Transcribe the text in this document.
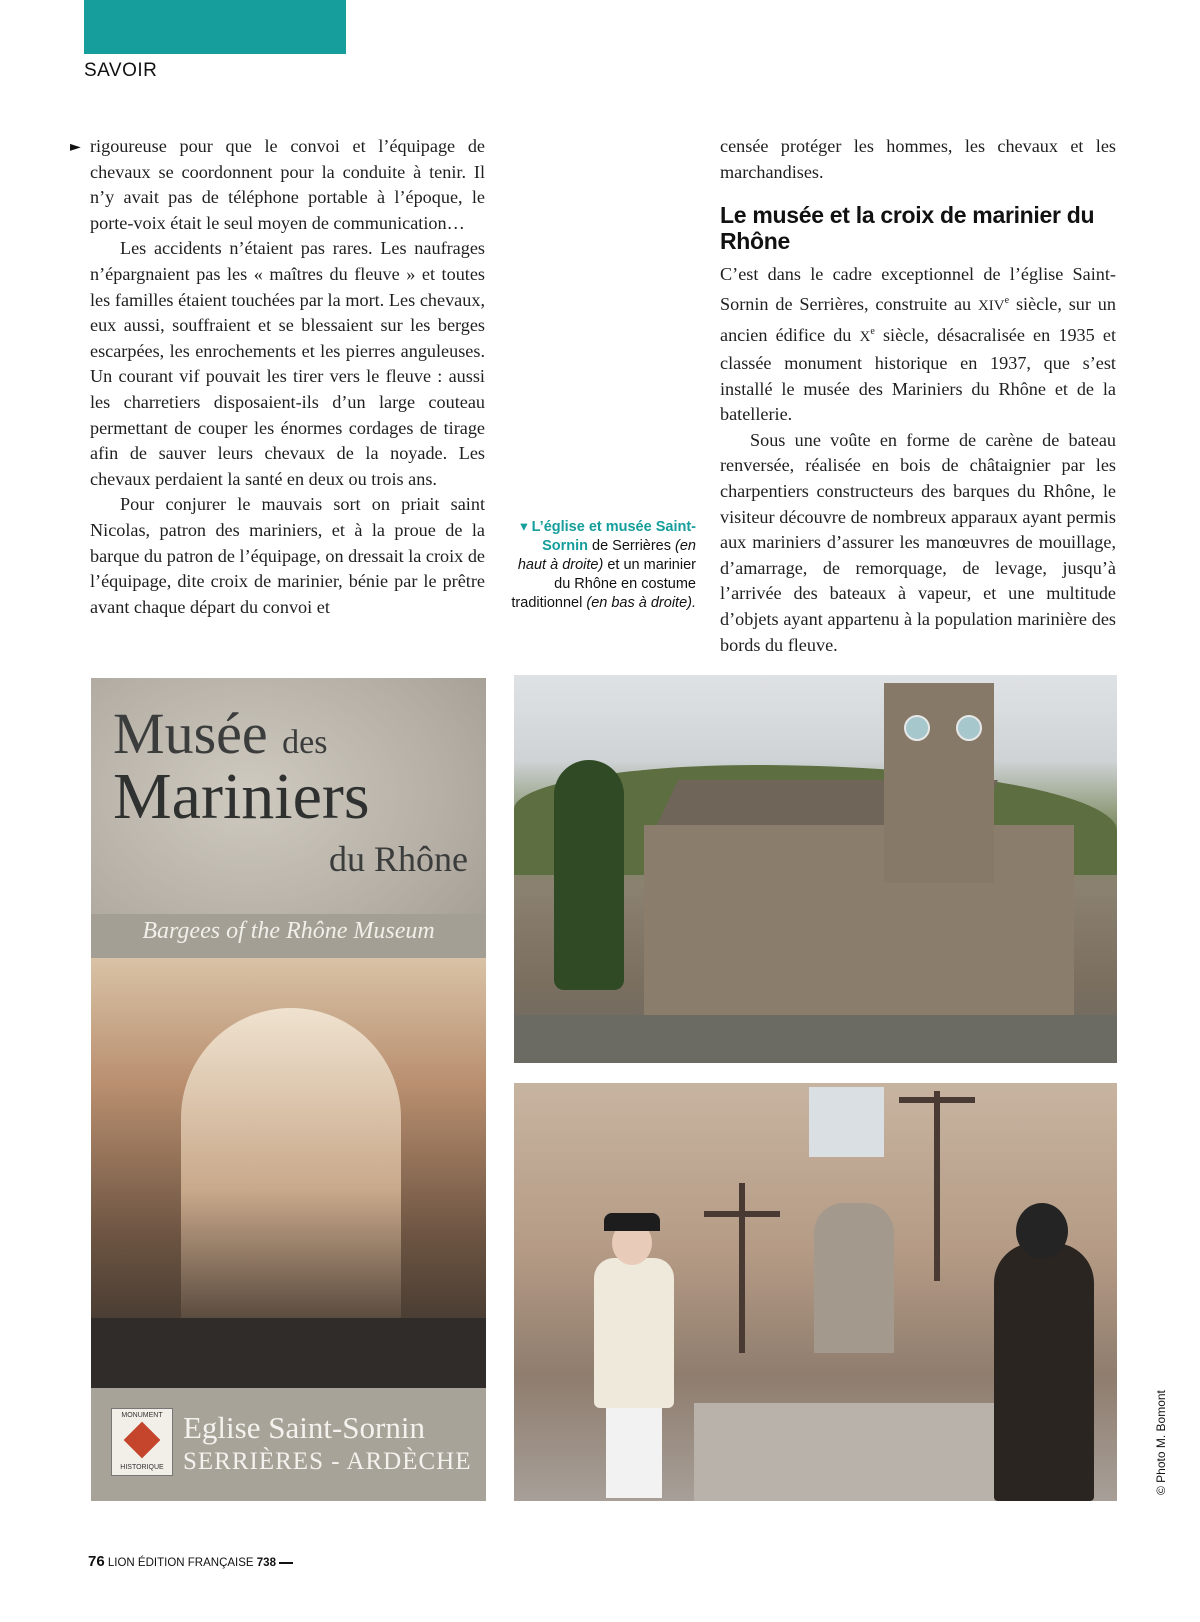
SAVOIR
► rigoureuse pour que le convoi et l’équipage de chevaux se coordonnent pour la conduite à tenir. Il n’y avait pas de téléphone portable à l’époque, le porte-voix était le seul moyen de communication…

Les accidents n’étaient pas rares. Les naufrages n’épargnaient pas les « maîtres du fleuve » et toutes les familles étaient touchées par la mort. Les chevaux, eux aussi, souffraient et se blessaient sur les berges escarpées, les enrochements et les pierres anguleuses. Un courant vif pouvait les tirer vers le fleuve : aussi les charretiers disposaient-ils d’un large couteau permettant de couper les énormes cordages de tirage afin de sauver leurs chevaux de la noyade. Les chevaux perdaient la santé en deux ou trois ans.

Pour conjurer le mauvais sort on priait saint Nicolas, patron des mariniers, et à la proue de la barque du patron de l’équipage, on dressait la croix de l’équipage, dite croix de marinier, bénie par le prêtre avant chaque départ du convoi et

▾ L’église et musée Saint-Sornin de Serrières (en haut à droite) et un marinier du Rhône en costume traditionnel (en bas à droite).

censée protéger les hommes, les chevaux et les marchandises.

Le musée et la croix de marinier du Rhône

C’est dans le cadre exceptionnel de l’église Saint-Sornin de Serrières, construite au XIVe siècle, sur un ancien édifice du Xe siècle, désacralisée en 1935 et classée monument historique en 1937, que s’est installé le musée des Mariniers du Rhône et de la batellerie.

Sous une voûte en forme de carène de bateau renversée, réalisée en bois de châtaignier par les charpentiers constructeurs des barques du Rhône, le visiteur découvre de nombreux apparaux ayant permis aux mariniers d’assurer les manœuvres de mouillage, d’amarrage, de remorquage, de levage, jusqu’à l’arrivée des bateaux à vapeur, et une multitude d’objets ayant appartenu à la population marinière des bords du fleuve.

Musée des
Mariniers
du Rhône
Bargees of the Rhône Museum
MONUMENT
HISTORIQUE
Eglise Saint-Sornin
SERRIÈRES - ARDÈCHE	© Photo M. Bomont
76 LION ÉDITION FRANÇAISE 738
